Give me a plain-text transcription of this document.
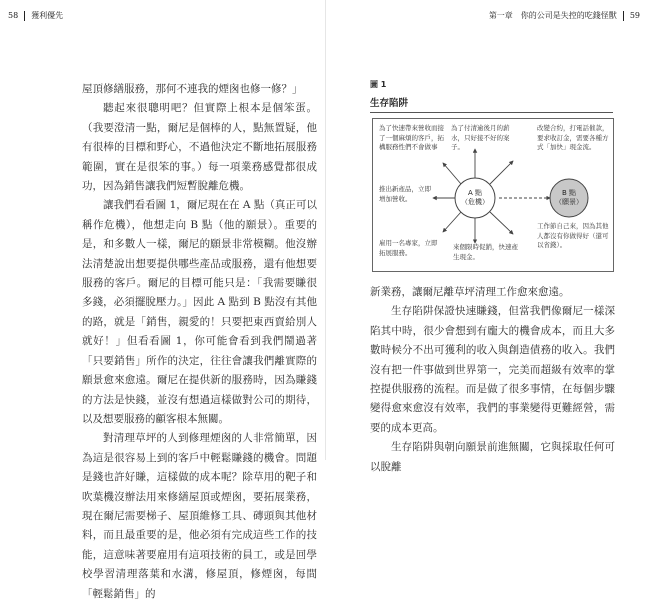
58 獲利優先	第一章　你的公司是失控的吃錢怪獸 59

屋頂修繕服務，那何不連我的煙囪也修一修？」

聽起來很聰明吧？但實際上根本是個笨蛋。（我要澄清一點，爾尼是個棒的人，點無置疑，他有很棒的目標和野心，不過他決定不斷地拓展服務範圍，實在是很笨的事。）每一項業務感覺都很成功，因為銷售讓我們短暫脫離危機。

讓我們看看圖 1，爾尼現在在 A 點（真正可以稱作危機），他想走向 B 點（他的願景）。重要的是，和多數人一樣，爾尼的願景非常模糊。他沒辦法清楚說出想要提供哪些產品或服務，還有他想要服務的客戶。爾尼的目標可能只是：「我需要賺很多錢，必須擺脫壓力。」因此 A 點到 B 點沒有其他的路，就是「銷售，親愛的！只要把東西賣給別人就好！」但看看圖 1，你可能會看到我們鬧過著「只要銷售」所作的決定，往往會讓我們離實際的願景愈來愈遠。爾尼在提供新的服務時，因為賺錢的方法是快錢，並沒有想過這樣做對公司的期待，以及想要服務的顧客根本無關。

對清理草坪的人到修理煙囪的人非常簡單，因為這是很容易上到的客戶中輕鬆賺錢的機會。問題是錢也許好賺，這樣做的成本呢？除草用的靶子和吹葉機沒辦法用來修繕屋頂或煙囪，要拓展業務，現在爾尼需要梯子、屋頂維修工具、磚頭與其他材料，而且最重要的是，他必須有完成這些工作的技能，這意味著要雇用有這項技術的員工，或是回學校學習清理落葉和水溝，修屋頂，修煙囪，每間「輕鬆銷售」的

圖 1

生存陷阱

A 點
（危機）
B 點
（願景）
為了快速帶來營收而接了一個麻煩的客戶，拓構服務性們不會做事
為了付清逾後月的薪水，只好接不好的案子。
改變合約，打電話催款，要求收訂金，需要各種方式「加快」現金流。
推出新產品，立即增加營收。
雇用一名專家，立即拓展服務。
來個限時促銷，快速產生現金。
工作節自己來，因為其他人都沒有你做得好（還可以省錢）。

新業務，讓爾尼離草坪清理工作愈來愈遠。

生存陷阱保證快速賺錢，但當我們像爾尼一樣深陷其中時，很少會想到有龐大的機會成本，而且大多數時候分不出可獲利的收入與創造債務的收入。我們沒有把一件事做到世界第一，完美而超級有效率的掌控提供服務的流程。而是做了很多事情，在每個步驟變得愈來愈沒有效率，我們的事業變得更難經營，需要的成本更高。

生存陷阱與朝向願景前進無關，它與採取任何可以脫離
